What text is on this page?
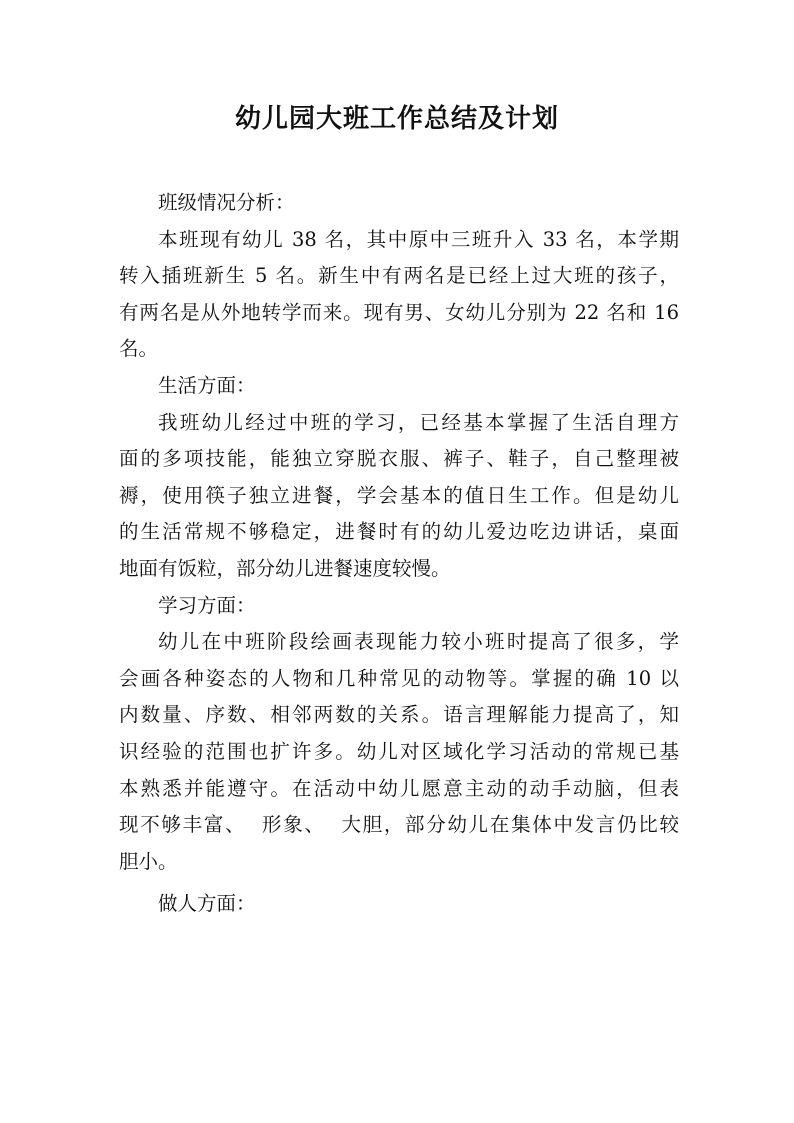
幼儿园大班工作总结及计划

班级情况分析：

本班现有幼儿 38 名，其中原中三班升入 33 名，本学期
转入插班新生 5 名。新生中有两名是已经上过大班的孩子，
有两名是从外地转学而来。现有男、女幼儿分别为 22 名和 16
名。

生活方面：

我班幼儿经过中班的学习，已经基本掌握了生活自理方
面的多项技能，能独立穿脱衣服、裤子、鞋子，自己整理被
褥，使用筷子独立进餐，学会基本的值日生工作。但是幼儿
的生活常规不够稳定，进餐时有的幼儿爱边吃边讲话，桌面
地面有饭粒，部分幼儿进餐速度较慢。

学习方面：

幼儿在中班阶段绘画表现能力较小班时提高了很多，学
会画各种姿态的人物和几种常见的动物等。掌握的确 10 以
内数量、序数、相邻两数的关系。语言理解能力提高了，知
识经验的范围也扩许多。幼儿对区域化学习活动的常规已基
本熟悉并能遵守。在活动中幼儿愿意主动的动手动脑，但表
现不够丰富、  形象、  大胆，部分幼儿在集体中发言仍比较
胆小。

做人方面：
